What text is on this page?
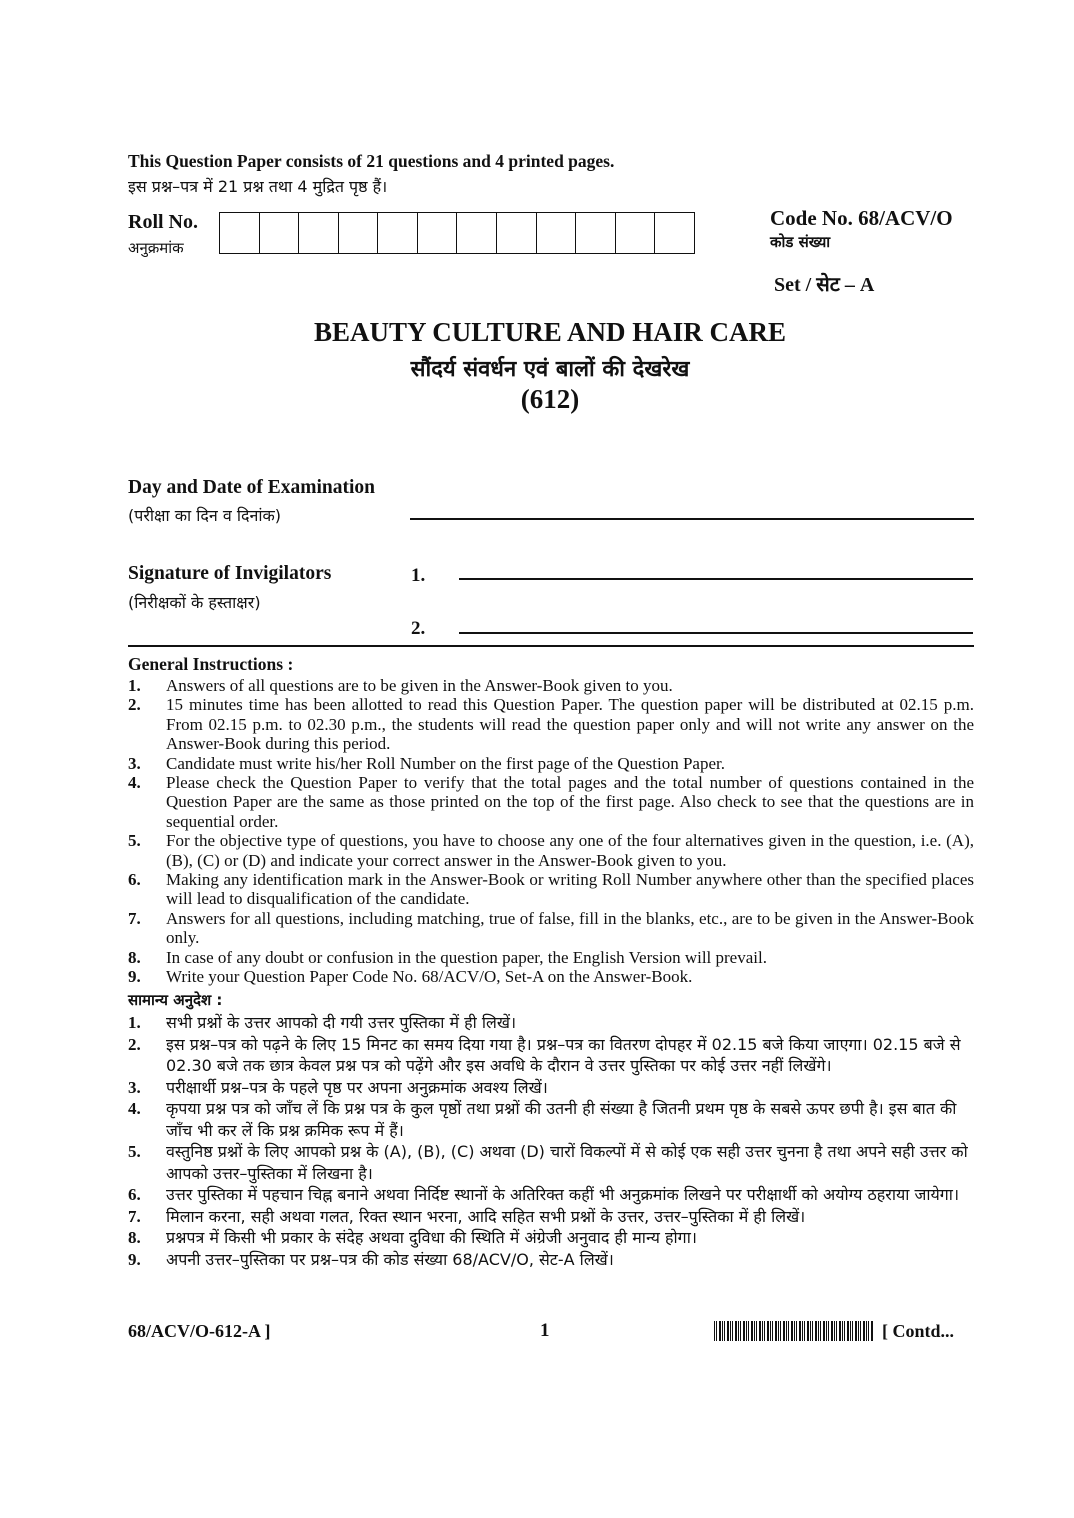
This Question Paper consists of 21 questions and 4 printed pages.
इस प्रश्न–पत्र में 21 प्रश्न तथा 4 मुद्रित पृष्ठ हैं।
Roll No.
अनुक्रमांक
Code No. 68/ACV/O
कोड संख्या
Set / सेट – A
BEAUTY CULTURE AND HAIR CARE
सौंदर्य संवर्धन एवं बालों की देखरेख
(612)
Day and Date of Examination
(परीक्षा का दिन व दिनांक)
Signature of Invigilators
(निरीक्षकों के हस्ताक्षर)
1.
2.
General Instructions :
1.	Answers of all questions are to be given in the Answer-Book given to you.
2.	15 minutes time has been allotted to read this Question Paper. The question paper will be distributed at 02.15 p.m. From 02.15 p.m. to 02.30 p.m., the students will read the question paper only and will not write any answer on the Answer-Book during this period.
3.	Candidate must write his/her Roll Number on the first page of the Question Paper.
4.	Please check the Question Paper to verify that the total pages and the total number of questions contained in the Question Paper are the same as those printed on the top of the first page. Also check to see that the questions are in sequential order.
5.	For the objective type of questions, you have to choose any one of the four alternatives given in the question, i.e. (A), (B), (C) or (D) and indicate your correct answer in the Answer-Book given to you.
6.	Making any identification mark in the Answer-Book or writing Roll Number anywhere other than the specified places will lead to disqualification of the candidate.
7.	Answers for all questions, including matching, true of false, fill in the blanks, etc., are to be given in the Answer-Book only.
8.	In case of any doubt or confusion in the question paper, the English Version will prevail.
9.	Write your Question Paper Code No. 68/ACV/O, Set-A on the Answer-Book.
सामान्य अनुदेश :
1.	सभी प्रश्नों के उत्तर आपको दी गयी उत्तर पुस्तिका में ही लिखें।
2.	इस प्रश्न–पत्र को पढ़ने के लिए 15 मिनट का समय दिया गया है। प्रश्न–पत्र का वितरण दोपहर में 02.15 बजे किया जाएगा। 02.15 बजे से 02.30 बजे तक छात्र केवल प्रश्न पत्र को पढ़ेंगे और इस अवधि के दौरान वे उत्तर पुस्तिका पर कोई उत्तर नहीं लिखेंगे।
3.	परीक्षार्थी प्रश्न–पत्र के पहले पृष्ठ पर अपना अनुक्रमांक अवश्य लिखें।
4.	कृपया प्रश्न पत्र को जाँच लें कि प्रश्न पत्र के कुल पृष्ठों तथा प्रश्नों की उतनी ही संख्या है जितनी प्रथम पृष्ठ के सबसे ऊपर छपी है। इस बात की जाँच भी कर लें कि प्रश्न क्रमिक रूप में हैं।
5.	वस्तुनिष्ठ प्रश्नों के लिए आपको प्रश्न के (A), (B), (C) अथवा (D) चारों विकल्पों में से कोई एक सही उत्तर चुनना है तथा अपने सही उत्तर को आपको उत्तर–पुस्तिका में लिखना है।
6.	उत्तर पुस्तिका में पहचान चिह्न बनाने अथवा निर्दिष्ट स्थानों के अतिरिक्त कहीं भी अनुक्रमांक लिखने पर परीक्षार्थी को अयोग्य ठहराया जायेगा।
7.	मिलान करना, सही अथवा गलत, रिक्त स्थान भरना, आदि सहित सभी प्रश्नों के उत्तर, उत्तर–पुस्तिका में ही लिखें।
8.	प्रश्नपत्र में किसी भी प्रकार के संदेह अथवा दुविधा की स्थिति में अंग्रेजी अनुवाद ही मान्य होगा।
9.	अपनी उत्तर–पुस्तिका पर प्रश्न–पत्र की कोड संख्या 68/ACV/O, सेट-A लिखें।
68/ACV/O-612-A ]	1	[ Contd...
